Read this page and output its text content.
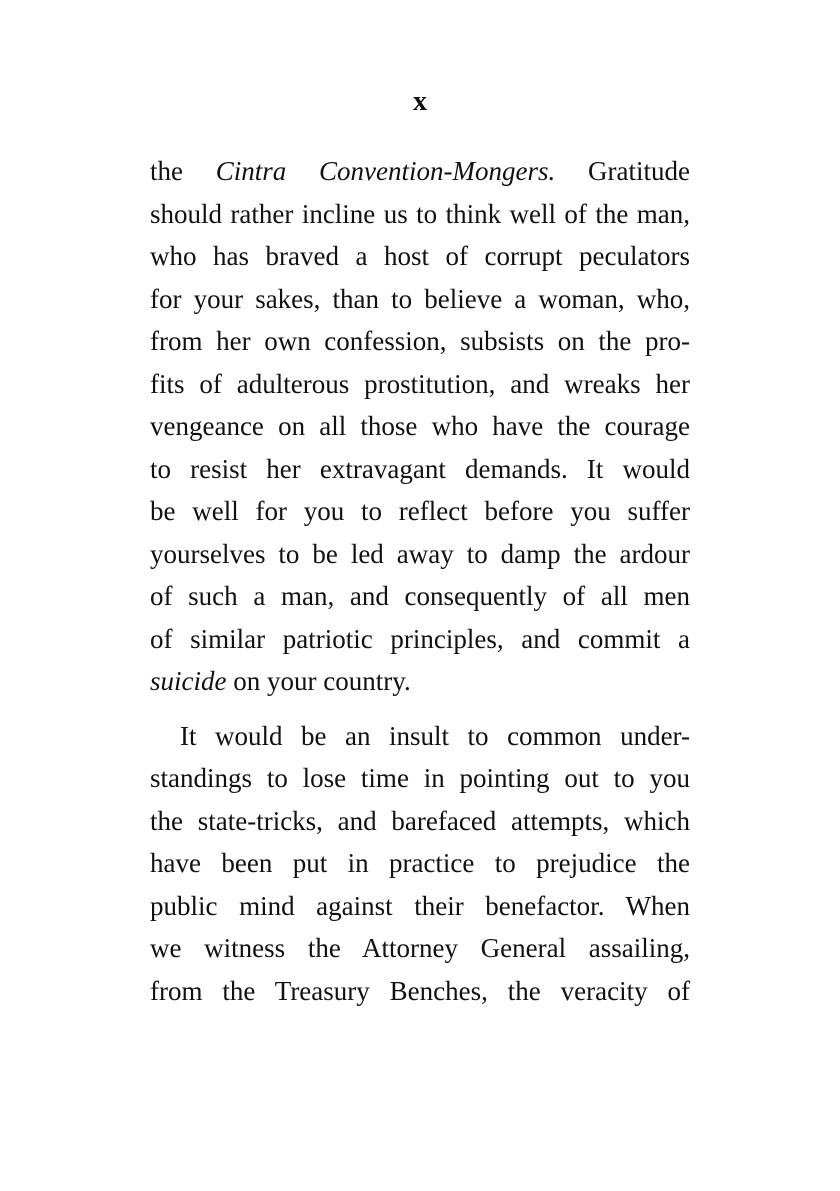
x
the Cintra Convention-Mongers. Gratitude
should rather incline us to think well of the man,
who has braved a host of corrupt peculators
for your sakes, than to believe a woman, who,
from her own confession, subsists on the pro-
fits of adulterous prostitution, and wreaks her
vengeance on all those who have the courage
to resist her extravagant demands. It would
be well for you to reflect before you suffer
yourselves to be led away to damp the ardour
of such a man, and consequently of all men
of similar patriotic principles, and commit a
suicide on your country.
It would be an insult to common under-
standings to lose time in pointing out to you
the state-tricks, and barefaced attempts, which
have been put in practice to prejudice the
public mind against their benefactor. When
we witness the Attorney General assailing,
from the Treasury Benches, the veracity of
